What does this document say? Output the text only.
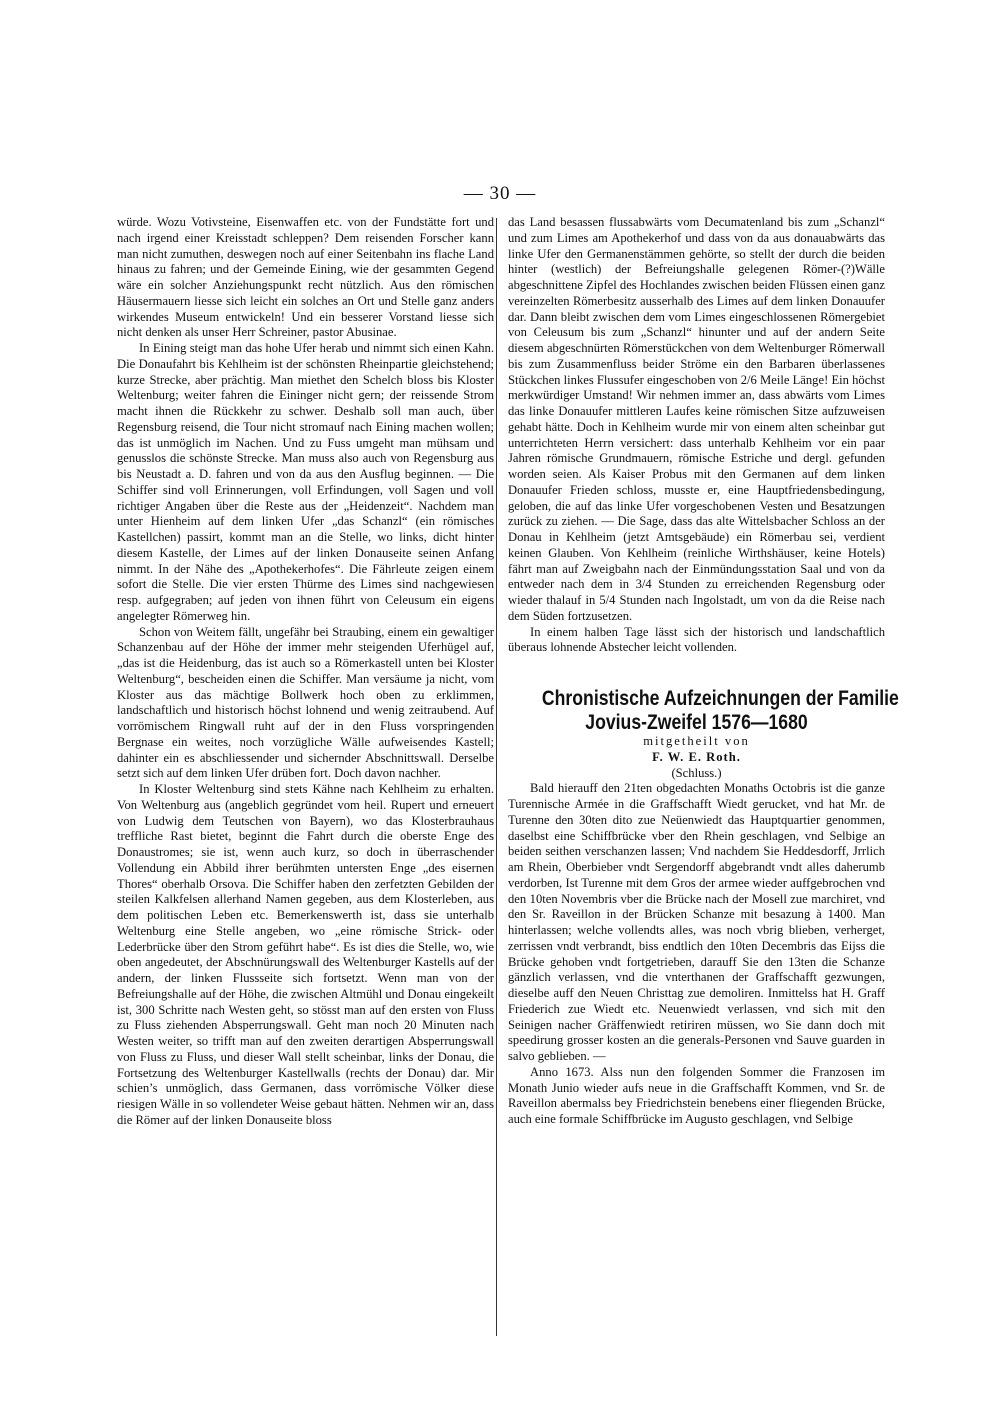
— 30 —

würde. Wozu Votivsteine, Eisenwaffen etc. von der Fundstätte fort und nach irgend einer Kreisstadt schleppen? Dem reisenden Forscher kann man nicht zumuthen, deswegen noch auf einer Seitenbahn ins flache Land hinaus zu fahren; und der Gemeinde Eining, wie der gesammten Gegend wäre ein solcher Anziehungspunkt recht nützlich. Aus den römischen Häusermauern liesse sich leicht ein solches an Ort und Stelle ganz anders wirkendes Museum entwickeln! Und ein besserer Vorstand liesse sich nicht denken als unser Herr Schreiner, pastor Abusinae.

In Eining steigt man das hohe Ufer herab und nimmt sich einen Kahn. Die Donaufahrt bis Kehlheim ist der schönsten Rheinpartie gleichstehend; kurze Strecke, aber prächtig. Man miethet den Schelch bloss bis Kloster Weltenburg; weiter fahren die Eininger nicht gern; der reissende Strom macht ihnen die Rückkehr zu schwer. Deshalb soll man auch, über Regensburg reisend, die Tour nicht stromauf nach Eining machen wollen; das ist unmöglich im Nachen. Und zu Fuss umgeht man mühsam und genusslos die schönste Strecke. Man muss also auch von Regensburg aus bis Neustadt a. D. fahren und von da aus den Ausflug beginnen. — Die Schiffer sind voll Erinnerungen, voll Erfindungen, voll Sagen und voll richtiger Angaben über die Reste aus der „Heidenzeit“. Nachdem man unter Hienheim auf dem linken Ufer „das Schanzl“ (ein römisches Kastellchen) passirt, kommt man an die Stelle, wo links, dicht hinter diesem Kastelle, der Limes auf der linken Donauseite seinen Anfang nimmt. In der Nähe des „Apothekerhofes“. Die Fährleute zeigen einem sofort die Stelle. Die vier ersten Thürme des Limes sind nachgewiesen resp. aufgegraben; auf jeden von ihnen führt von Celeusum ein eigens angelegter Römerweg hin.

Schon von Weitem fällt, ungefähr bei Straubing, einem ein gewaltiger Schanzenbau auf der Höhe der immer mehr steigenden Uferhügel auf, „das ist die Heidenburg, das ist auch so a Römerkastell unten bei Kloster Weltenburg“, bescheiden einen die Schiffer. Man versäume ja nicht, vom Kloster aus das mächtige Bollwerk hoch oben zu erklimmen, landschaftlich und historisch höchst lohnend und wenig zeitraubend. Auf vorrömischem Ringwall ruht auf der in den Fluss vorspringenden Bergnase ein weites, noch vorzügliche Wälle aufweisendes Kastell; dahinter ein es abschliessender und sichernder Abschnittswall. Derselbe setzt sich auf dem linken Ufer drüben fort. Doch davon nachher.

In Kloster Weltenburg sind stets Kähne nach Kehlheim zu erhalten. Von Weltenburg aus (angeblich gegründet vom heil. Rupert und erneuert von Ludwig dem Teutschen von Bayern), wo das Klosterbrauhaus treffliche Rast bietet, beginnt die Fahrt durch die oberste Enge des Donaustromes; sie ist, wenn auch kurz, so doch in überraschender Vollendung ein Abbild ihrer berühmten untersten Enge „des eisernen Thores“ oberhalb Orsova. Die Schiffer haben den zerfetzten Gebilden der steilen Kalkfelsen allerhand Namen gegeben, aus dem Klosterleben, aus dem politischen Leben etc. Bemerkenswerth ist, dass sie unterhalb Weltenburg eine Stelle angeben, wo „eine römische Strick- oder Lederbrücke über den Strom geführt habe“. Es ist dies die Stelle, wo, wie oben angedeutet, der Abschnürungswall des Weltenburger Kastells auf der andern, der linken Flussseite sich fortsetzt. Wenn man von der Befreiungshalle auf der Höhe, die zwischen Altmühl und Donau eingekeilt ist, 300 Schritte nach Westen geht, so stösst man auf den ersten von Fluss zu Fluss ziehenden Absperrungswall. Geht man noch 20 Minuten nach Westen weiter, so trifft man auf den zweiten derartigen Absperrungswall von Fluss zu Fluss, und dieser Wall stellt scheinbar, links der Donau, die Fortsetzung des Weltenburger Kastellwalls (rechts der Donau) dar. Mir schien’s unmöglich, dass Germanen, dass vorrömische Völker diese riesigen Wälle in so vollendeter Weise gebaut hätten. Nehmen wir an, dass die Römer auf der linken Donauseite bloss

das Land besassen flussabwärts vom Decumatenland bis zum „Schanzl“ und zum Limes am Apothekerhof und dass von da aus donauabwärts das linke Ufer den Germanenstämmen gehörte, so stellt der durch die beiden hinter (westlich) der Befreiungshalle gelegenen Römer-(?)Wälle abgeschnittene Zipfel des Hochlandes zwischen beiden Flüssen einen ganz vereinzelten Römerbesitz ausserhalb des Limes auf dem linken Donauufer dar. Dann bleibt zwischen dem vom Limes eingeschlossenen Römergebiet von Celeusum bis zum „Schanzl“ hinunter und auf der andern Seite diesem abgeschnürten Römerstückchen von dem Weltenburger Römerwall bis zum Zusammenfluss beider Ströme ein den Barbaren überlassenes Stückchen linkes Flussufer eingeschoben von 2/6 Meile Länge! Ein höchst merkwürdiger Umstand! Wir nehmen immer an, dass abwärts vom Limes das linke Donauufer mittleren Laufes keine römischen Sitze aufzuweisen gehabt hätte. Doch in Kehlheim wurde mir von einem alten scheinbar gut unterrichteten Herrn versichert: dass unterhalb Kehlheim vor ein paar Jahren römische Grundmauern, römische Estriche und dergl. gefunden worden seien. Als Kaiser Probus mit den Germanen auf dem linken Donauufer Frieden schloss, musste er, eine Hauptfriedensbedingung, geloben, die auf das linke Ufer vorgeschobenen Vesten und Besatzungen zurück zu ziehen. — Die Sage, dass das alte Wittelsbacher Schloss an der Donau in Kehlheim (jetzt Amtsgebäude) ein Römerbau sei, verdient keinen Glauben. Von Kehlheim (reinliche Wirthshäuser, keine Hotels) fährt man auf Zweigbahn nach der Einmündungsstation Saal und von da entweder nach dem in 3/4 Stunden zu erreichenden Regensburg oder wieder thalauf in 5/4 Stunden nach Ingolstadt, um von da die Reise nach dem Süden fortzusetzen.

In einem halben Tage lässt sich der historisch und landschaftlich überaus lohnende Abstecher leicht vollenden.

Chronistische Aufzeichnungen der Familie
Jovius-Zweifel 1576—1680

mitgetheilt von

F. W. E. Roth.

(Schluss.)

Bald hierauff den 21ten obgedachten Monaths Octobris ist die ganze Turennische Armée in die Graffschafft Wiedt gerucket, vnd hat Mr. de Turenne den 30ten dito zue Neüenwiedt das Hauptquartier genommen, daselbst eine Schiffbrücke vber den Rhein geschlagen, vnd Selbige an beiden seithen verschanzen lassen; Vnd nachdem Sie Heddesdorff, Jrrlich am Rhein, Oberbieber vndt Sergendorff abgebrandt vndt alles daherumb verdorben, Ist Turenne mit dem Gros der armee wieder auffgebrochen vnd den 10ten Novembris vber die Brücke nach der Mosell zue marchiret, vnd den Sr. Raveillon in der Brücken Schanze mit besazung à 1400. Man hinterlassen; welche vollendts alles, was noch vbrig blieben, verherget, zerrissen vndt verbrandt, biss endtlich den 10ten Decembris das Eijss die Brücke gehoben vndt fortgetrieben, darauff Sie den 13ten die Schanze gänzlich verlassen, vnd die vnterthanen der Graffschafft gezwungen, dieselbe auff den Neuen Christtag zue demoliren. Inmittelss hat H. Graff Friederich zue Wiedt etc. Neuenwiedt verlassen, vnd sich mit den Seinigen nacher Gräffenwiedt retiriren müssen, wo Sie dann doch mit speedirung grosser kosten an die generals-Personen vnd Sauve guarden in salvo geblieben. —

Anno 1673. Alss nun den folgenden Sommer die Franzosen im Monath Junio wieder aufs neue in die Graffschafft Kommen, vnd Sr. de Raveillon abermalss bey Friedrichstein benebens einer fliegenden Brücke, auch eine formale Schiffbrücke im Augusto geschlagen, vnd Selbige
